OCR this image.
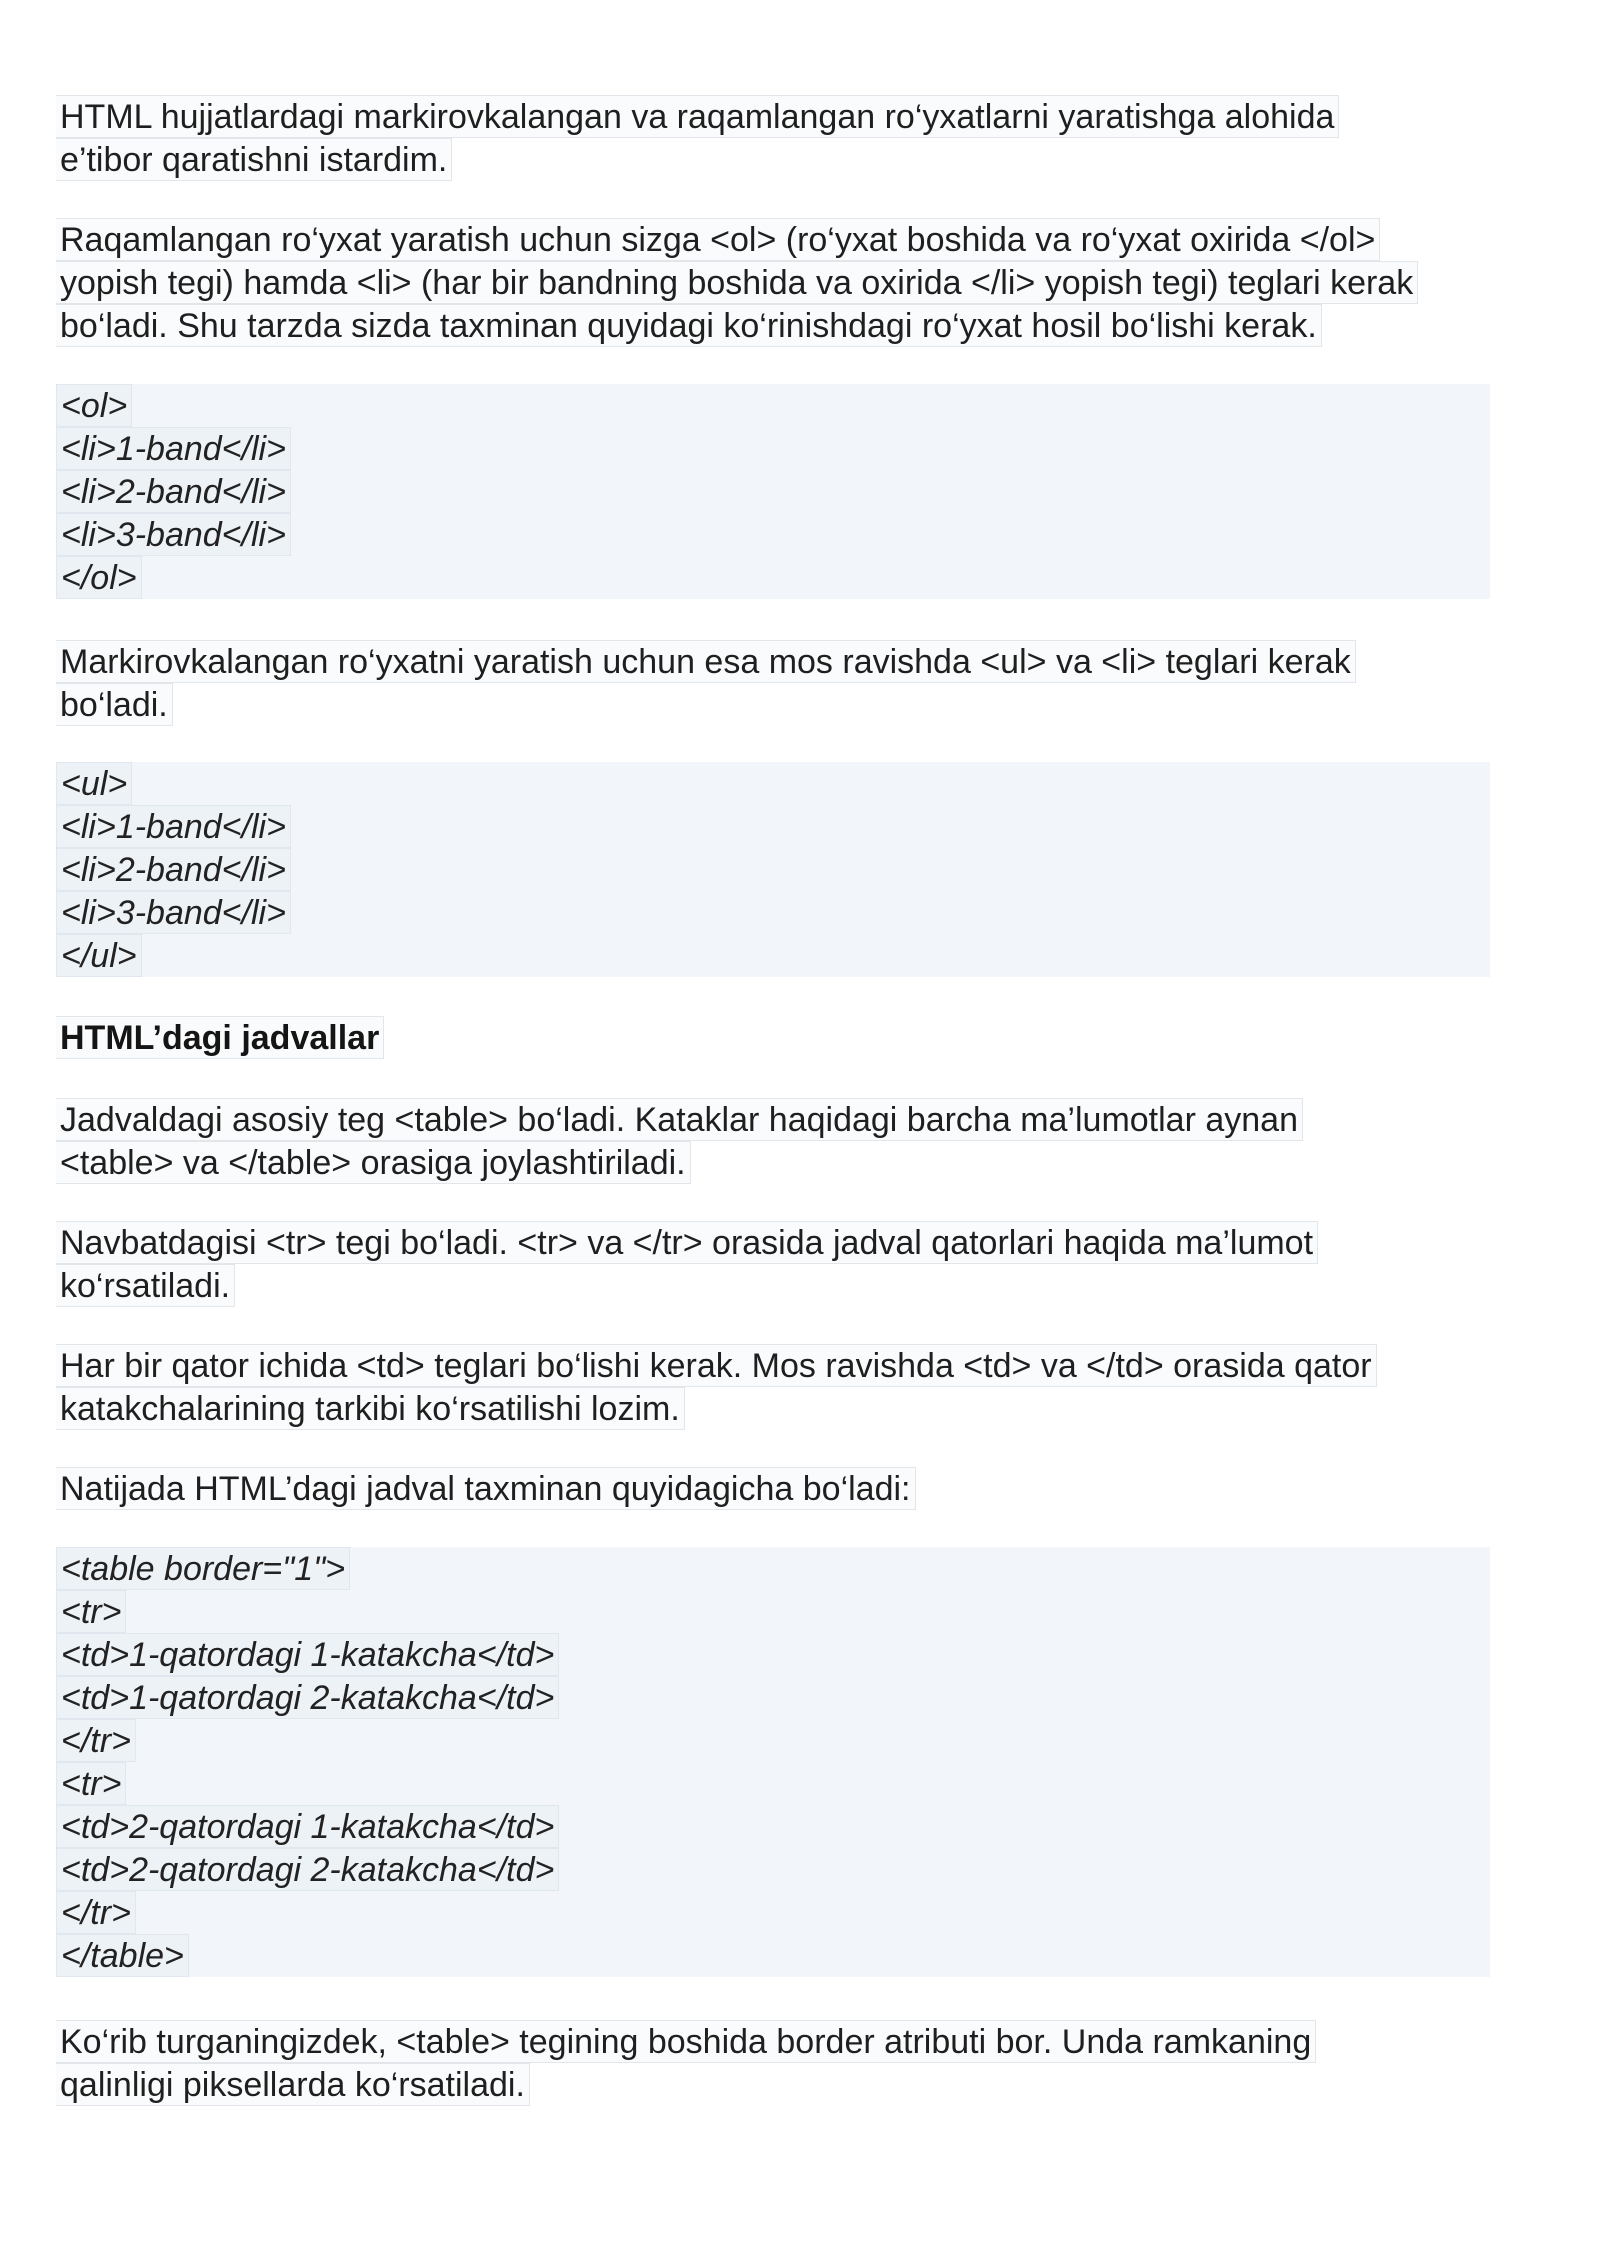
HTML hujjatlardagi markirovkalangan va raqamlangan ro‘yxatlarni yaratishga alohida
e’tibor qaratishni istardim.
Raqamlangan ro‘yxat yaratish uchun sizga <ol> (ro‘yxat boshida va ro‘yxat oxirida </ol>
yopish tegi) hamda <li> (har bir bandning boshida va oxirida </li> yopish tegi) teglari kerak
bo‘ladi. Shu tarzda sizda taxminan quyidagi ko‘rinishdagi ro‘yxat hosil bo‘lishi kerak.
<ol>
<li>1-band</li>
<li>2-band</li>
<li>3-band</li>
</ol>
Markirovkalangan ro‘yxatni yaratish uchun esa mos ravishda <ul> va <li> teglari kerak
bo‘ladi.
<ul>
<li>1-band</li>
<li>2-band</li>
<li>3-band</li>
</ul>
HTML’dagi jadvallar
Jadvaldagi asosiy teg <table> bo‘ladi. Kataklar haqidagi barcha ma’lumotlar aynan
<table> va </table> orasiga joylashtiriladi.
Navbatdagisi <tr> tegi bo‘ladi. <tr> va </tr> orasida jadval qatorlari haqida ma’lumot
ko‘rsatiladi.
Har bir qator ichida <td> teglari bo‘lishi kerak. Mos ravishda <td> va </td> orasida qator
katakchalarining tarkibi ko‘rsatilishi lozim.
Natijada HTML’dagi jadval taxminan quyidagicha bo‘ladi:
<table border="1">
<tr>
<td>1-qatordagi 1-katakcha</td>
<td>1-qatordagi 2-katakcha</td>
</tr>
<tr>
<td>2-qatordagi 1-katakcha</td>
<td>2-qatordagi 2-katakcha</td>
</tr>
</table>
Ko‘rib turganingizdek, <table> tegining boshida border atributi bor. Unda ramkaning
qalinligi piksellarda ko‘rsatiladi.
